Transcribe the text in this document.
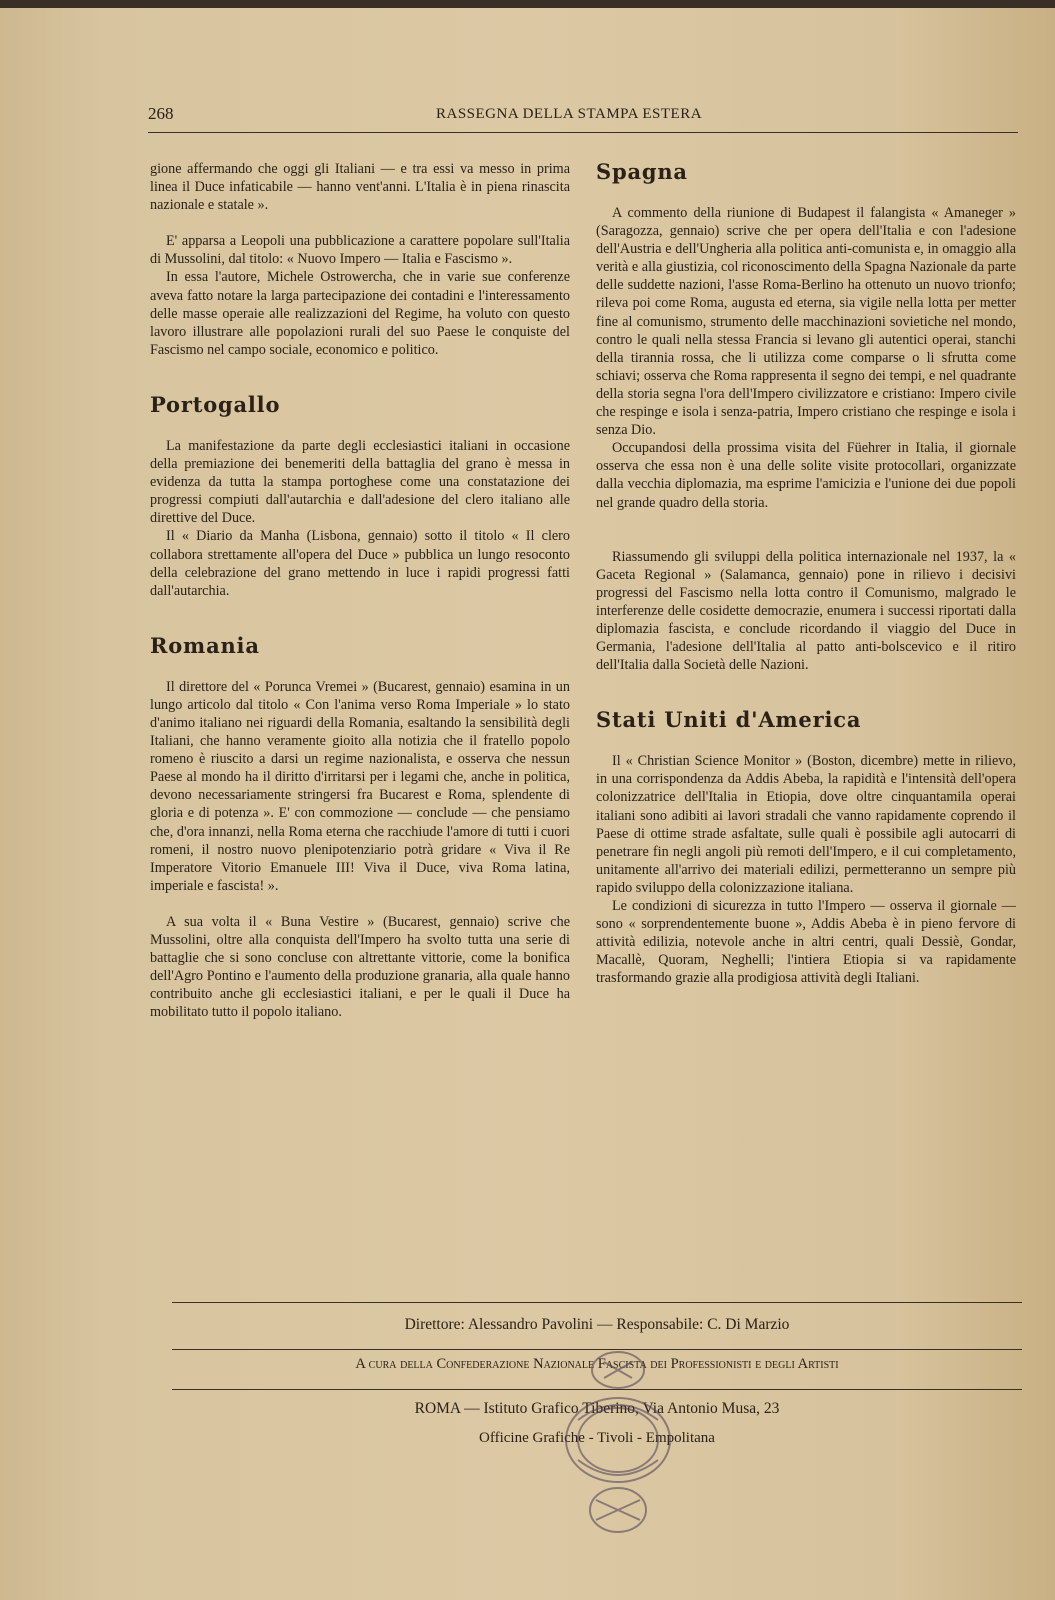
268	RASSEGNA DELLA STAMPA ESTERA

gione affermando che oggi gli Italiani — e tra essi va messo in prima linea il Duce infaticabile — hanno vent'anni. L'Italia è in piena rinascita nazionale e statale ».

E' apparsa a Leopoli una pubblicazione a carattere popolare sull'Italia di Mussolini, dal titolo: « Nuovo Impero — Italia e Fascismo ».

In essa l'autore, Michele Ostrowercha, che in varie sue conferenze aveva fatto notare la larga partecipazione dei contadini e l'interessamento delle masse operaie alle realizzazioni del Regime, ha voluto con questo lavoro illustrare alle popolazioni rurali del suo Paese le conquiste del Fascismo nel campo sociale, economico e politico.

Portogallo

La manifestazione da parte degli ecclesiastici italiani in occasione della premiazione dei benemeriti della battaglia del grano è messa in evidenza da tutta la stampa portoghese come una constatazione dei progressi compiuti dall'autarchia e dall'adesione del clero italiano alle direttive del Duce.

Il « Diario da Manha (Lisbona, gennaio) sotto il titolo « Il clero collabora strettamente all'opera del Duce » pubblica un lungo resoconto della celebrazione del grano mettendo in luce i rapidi progressi fatti dall'autarchia.

Romania

Il direttore del « Porunca Vremei » (Bucarest, gennaio) esamina in un lungo articolo dal titolo « Con l'anima verso Roma Imperiale » lo stato d'animo italiano nei riguardi della Romania, esaltando la sensibilità degli Italiani, che hanno veramente gioito alla notizia che il fratello popolo romeno è riuscito a darsi un regime nazionalista, e osserva che nessun Paese al mondo ha il diritto d'irritarsi per i legami che, anche in politica, devono necessariamente stringersi fra Bucarest e Roma, splendente di gloria e di potenza ». E' con commozione — conclude — che pensiamo che, d'ora innanzi, nella Roma eterna che racchiude l'amore di tutti i cuori romeni, il nostro nuovo plenipotenziario potrà gridare « Viva il Re Imperatore Vitorio Emanuele III! Viva il Duce, viva Roma latina, imperiale e fascista! ».

A sua volta il « Buna Vestire » (Bucarest, gennaio) scrive che Mussolini, oltre alla conquista dell'Impero ha svolto tutta una serie di battaglie che si sono concluse con altrettante vittorie, come la bonifica dell'Agro Pontino e l'aumento della produzione granaria, alla quale hanno contribuito anche gli ecclesiastici italiani, e per le quali il Duce ha mobilitato tutto il popolo italiano.

Spagna

A commento della riunione di Budapest il falangista « Amaneger » (Saragozza, gennaio) scrive che per opera dell'Italia e con l'adesione dell'Austria e dell'Ungheria alla politica anti-comunista e, in omaggio alla verità e alla giustizia, col riconoscimento della Spagna Nazionale da parte delle suddette nazioni, l'asse Roma-Berlino ha ottenuto un nuovo trionfo; rileva poi come Roma, augusta ed eterna, sia vigile nella lotta per metter fine al comunismo, strumento delle macchinazioni sovietiche nel mondo, contro le quali nella stessa Francia si levano gli autentici operai, stanchi della tirannia rossa, che li utilizza come comparse o li sfrutta come schiavi; osserva che Roma rappresenta il segno dei tempi, e nel quadrante della storia segna l'ora dell'Impero civilizzatore e cristiano: Impero civile che respinge e isola i senza-patria, Impero cristiano che respinge e isola i senza Dio.

Occupandosi della prossima visita del Füehrer in Italia, il giornale osserva che essa non è una delle solite visite protocollari, organizzate dalla vecchia diplomazia, ma esprime l'amicizia e l'unione dei due popoli nel grande quadro della storia.

Riassumendo gli sviluppi della politica internazionale nel 1937, la « Gaceta Regional » (Salamanca, gennaio) pone in rilievo i decisivi progressi del Fascismo nella lotta contro il Comunismo, malgrado le interferenze delle cosidette democrazie, enumera i successi riportati dalla diplomazia fascista, e conclude ricordando il viaggio del Duce in Germania, l'adesione dell'Italia al patto anti-bolscevico e il ritiro dell'Italia dalla Società delle Nazioni.

Stati Uniti d'America

Il « Christian Science Monitor » (Boston, dicembre) mette in rilievo, in una corrispondenza da Addis Abeba, la rapidità e l'intensità dell'opera colonizzatrice dell'Italia in Etiopia, dove oltre cinquantamila operai italiani sono adibiti ai lavori stradali che vanno rapidamente coprendo il Paese di ottime strade asfaltate, sulle quali è possibile agli autocarri di penetrare fin negli angoli più remoti dell'Impero, e il cui completamento, unitamente all'arrivo dei materiali edilizi, permetteranno un sempre più rapido sviluppo della colonizzazione italiana.

Le condizioni di sicurezza in tutto l'Impero — osserva il giornale — sono « sorprendentemente buone », Addis Abeba è in pieno fervore di attività edilizia, notevole anche in altri centri, quali Dessiè, Gondar, Macallè, Quoram, Neghelli; l'intiera Etiopia si va rapidamente trasformando grazie alla prodigiosa attività degli Italiani.

Direttore: Alessandro Pavolini — Responsabile: C. Di Marzio
A cura della Confederazione Nazionale Fascista dei Professionisti e degli Artisti
ROMA — Istituto Grafico Tiberino, Via Antonio Musa, 23
Officine Grafiche - Tivoli - Empolitana
